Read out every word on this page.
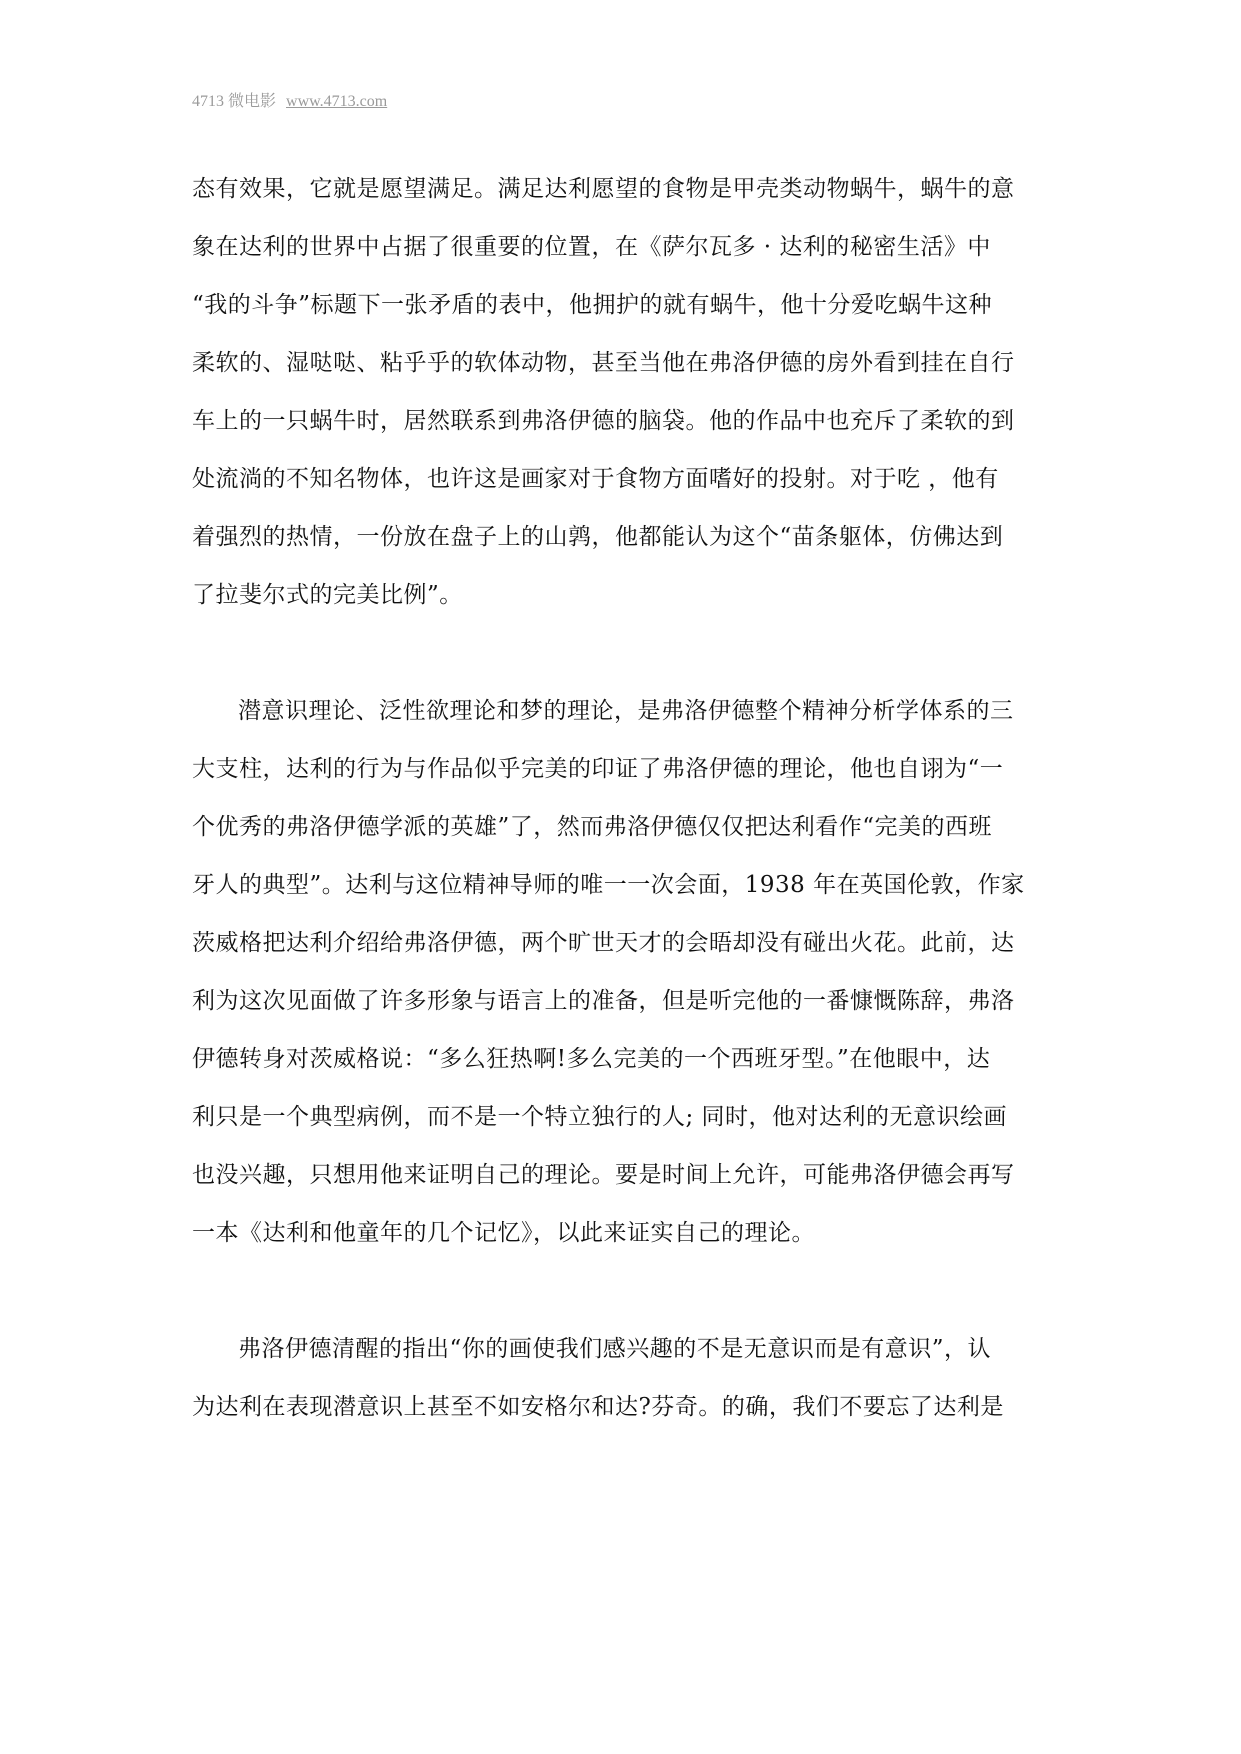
4713 微电影 www.4713.com

态有效果，它就是愿望满足。满足达利愿望的食物是甲壳类动物蜗牛，蜗牛的意
象在达利的世界中占据了很重要的位置，在《萨尔瓦多 · 达利的秘密生活》中
“我的斗争”标题下一张矛盾的表中，他拥护的就有蜗牛，他十分爱吃蜗牛这种
柔软的、湿哒哒、粘乎乎的软体动物，甚至当他在弗洛伊德的房外看到挂在自行
车上的一只蜗牛时，居然联系到弗洛伊德的脑袋。他的作品中也充斥了柔软的到
处流淌的不知名物体，也许这是画家对于食物方面嗜好的投射。对于吃 ，他有
着强烈的热情，一份放在盘子上的山鹑，他都能认为这个“苗条躯体，仿佛达到
了拉斐尔式的完美比例”。

潜意识理论、泛性欲理论和梦的理论，是弗洛伊德整个精神分析学体系的三
大支柱，达利的行为与作品似乎完美的印证了弗洛伊德的理论，他也自诩为“一
个优秀的弗洛伊德学派的英雄”了，然而弗洛伊德仅仅把达利看作“完美的西班
牙人的典型”。达利与这位精神导师的唯一一次会面，1938 年在英国伦敦，作家
茨威格把达利介绍给弗洛伊德，两个旷世天才的会晤却没有碰出火花。此前，达
利为这次见面做了许多形象与语言上的准备，但是听完他的一番慷慨陈辞，弗洛
伊德转身对茨威格说：“多么狂热啊!多么完美的一个西班牙型。”在他眼中，达
利只是一个典型病例，而不是一个特立独行的人; 同时，他对达利的无意识绘画
也没兴趣，只想用他来证明自己的理论。要是时间上允许，可能弗洛伊德会再写
一本《达利和他童年的几个记忆》，以此来证实自己的理论。

弗洛伊德清醒的指出“你的画使我们感兴趣的不是无意识而是有意识”，认
为达利在表现潜意识上甚至不如安格尔和达?芬奇。的确，我们不要忘了达利是
